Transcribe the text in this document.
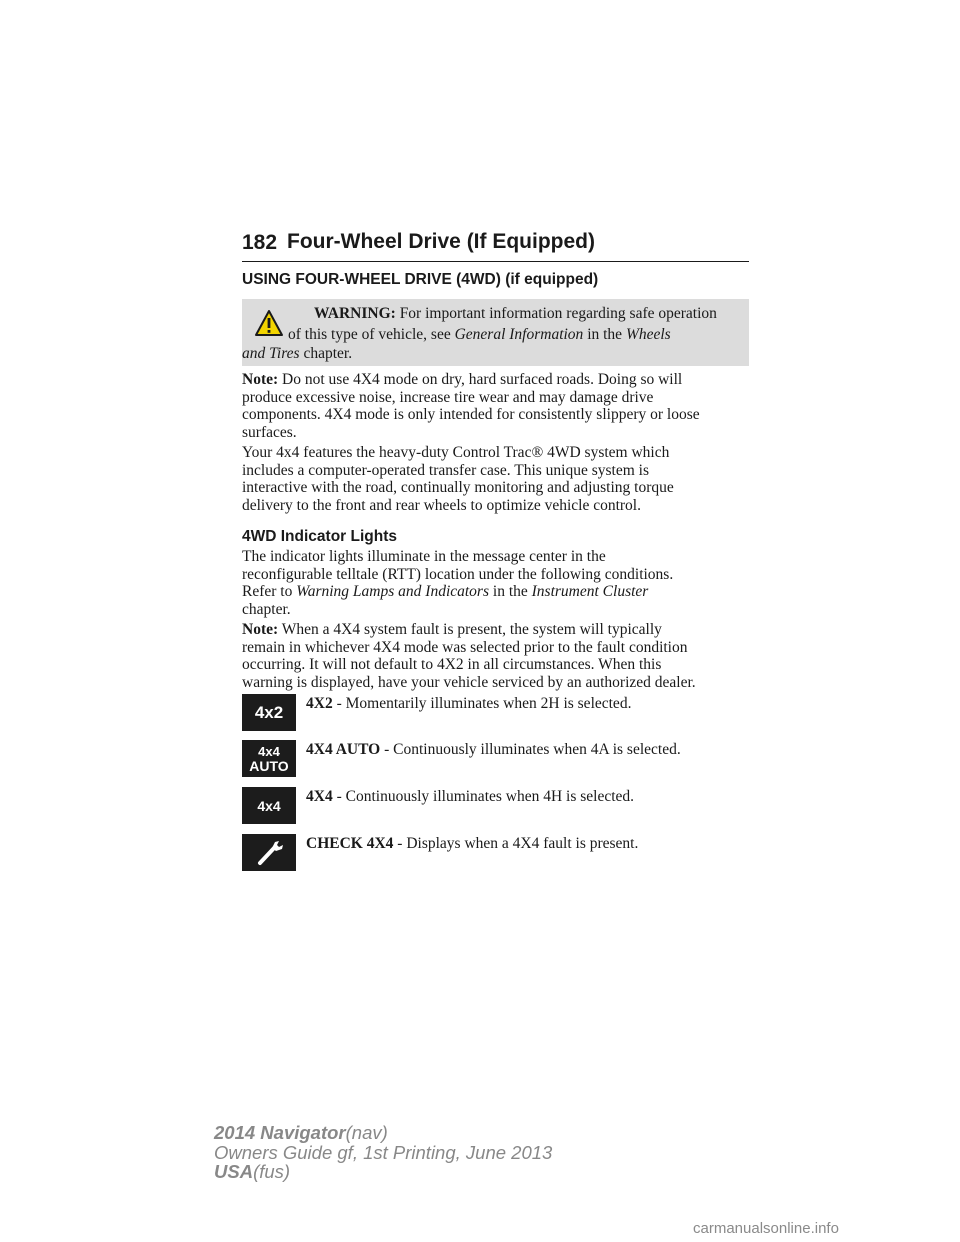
182 Four-Wheel Drive (If Equipped)
USING FOUR-WHEEL DRIVE (4WD) (if equipped)
WARNING: For important information regarding safe operation
of this type of vehicle, see General Information in the Wheels
and Tires chapter.
Note: Do not use 4X4 mode on dry, hard surfaced roads. Doing so will
produce excessive noise, increase tire wear and may damage drive
components. 4X4 mode is only intended for consistently slippery or loose
surfaces.
Your 4x4 features the heavy-duty Control Trac® 4WD system which
includes a computer-operated transfer case. This unique system is
interactive with the road, continually monitoring and adjusting torque
delivery to the front and rear wheels to optimize vehicle control.
4WD Indicator Lights
The indicator lights illuminate in the message center in the
reconfigurable telltale (RTT) location under the following conditions.
Refer to Warning Lamps and Indicators in the Instrument Cluster
chapter.
Note: When a 4X4 system fault is present, the system will typically
remain in whichever 4X4 mode was selected prior to the fault condition
occurring. It will not default to 4X2 in all circumstances. When this
warning is displayed, have your vehicle serviced by an authorized dealer.
4x2	4X2 - Momentarily illuminates when 2H is selected.
4x4
AUTO
4X4 AUTO - Continuously illuminates when 4A is selected.
4x4
4X4 - Continuously illuminates when 4H is selected.
CHECK 4X4 - Displays when a 4X4 fault is present.
2014 Navigator(nav)
Owners Guide gf, 1st Printing, June 2013
USA(fus)
carmanualsonline.info
